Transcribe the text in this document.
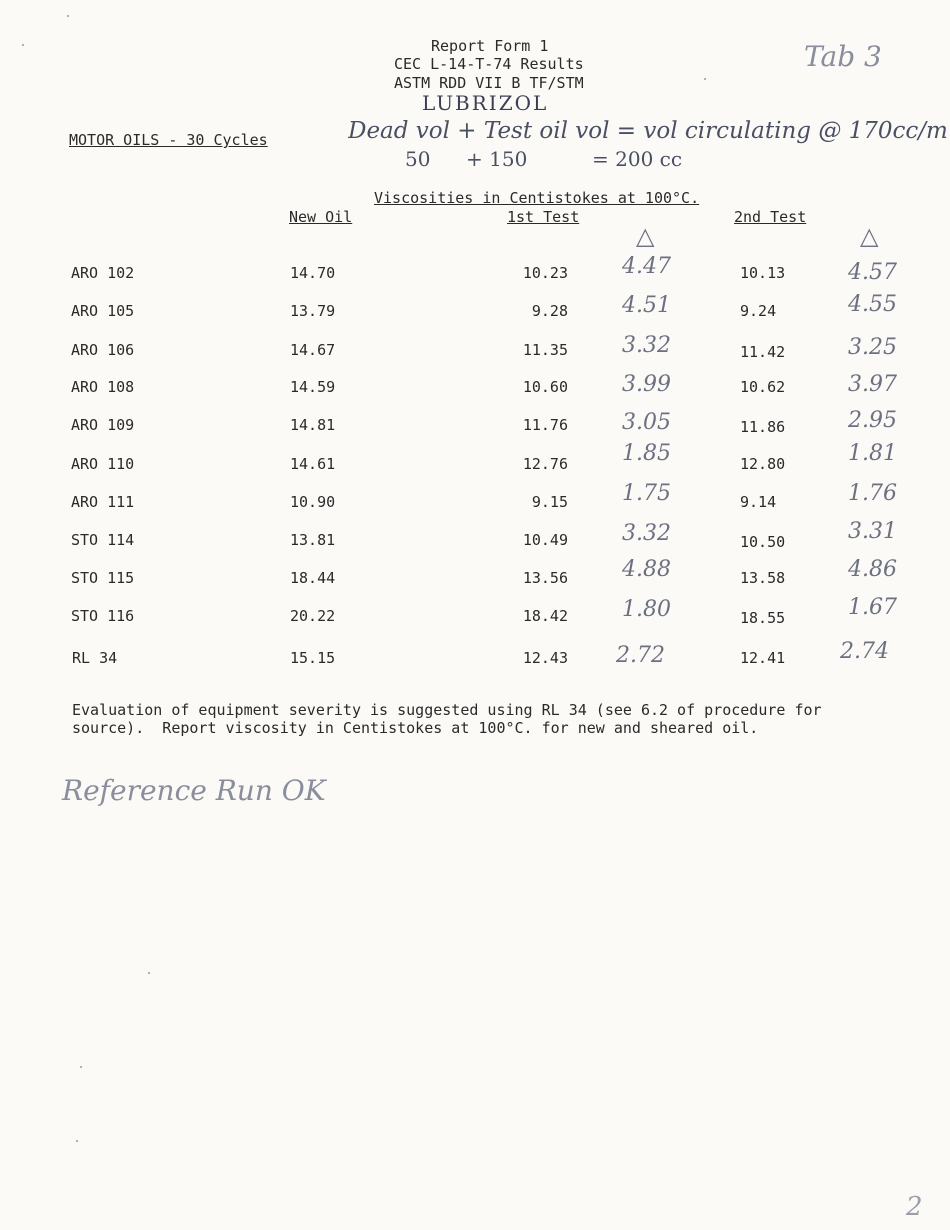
Report Form 1
CEC L-14-T-74 Results
ASTM RDD VII B TF/STM
LUBRIZOL
Tab 3
MOTOR OILS - 30 Cycles	Dead vol + Test oil vol = vol circulating @ 170cc/m
50 + 150	= 200 cc
Viscosities in Centistokes at 100°C.
New Oil	1st Test	2nd Test
△	△
ARO 102	14.70	10.23 4.47	10.13	4.57
ARO 105	13.79	9.28 4.51	9.24	4.55
ARO 106	14.67	11.35 3.32	11.42	3.25
ARO 108	14.59	10.60 3.99	10.62	3.97
ARO 109	14.81	11.76 3.05	11.86	2.95
ARO 110	14.61	12.76 1.85	12.80	1.81
ARO 111	10.90	9.15 1.75	9.14	1.76
STO 114	13.81	10.49 3.32	10.50	3.31
STO 115	18.44	13.56 4.88	13.58	4.86
STO 116	20.22	18.42 1.80	18.55	1.67
RL 34	15.15	12.43 2.72	12.41 2.74
Evaluation of equipment severity is suggested using RL 34 (see 6.2 of procedure for
source).  Report viscosity in Centistokes at 100°C. for new and sheared oil.
Reference Run OK
2
